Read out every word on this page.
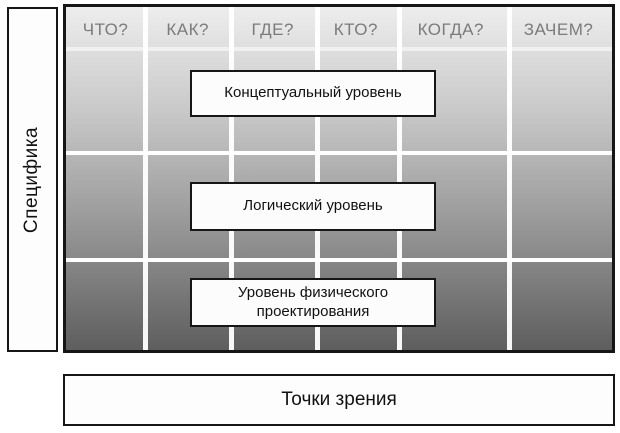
Специфика
ЧТО?	КАК?	ГДЕ?	КТО?	КОГДА?	ЗАЧЕМ?
Концептуальный уровень
Логический уровень
Уровень физического проектирования
Точки зрения
